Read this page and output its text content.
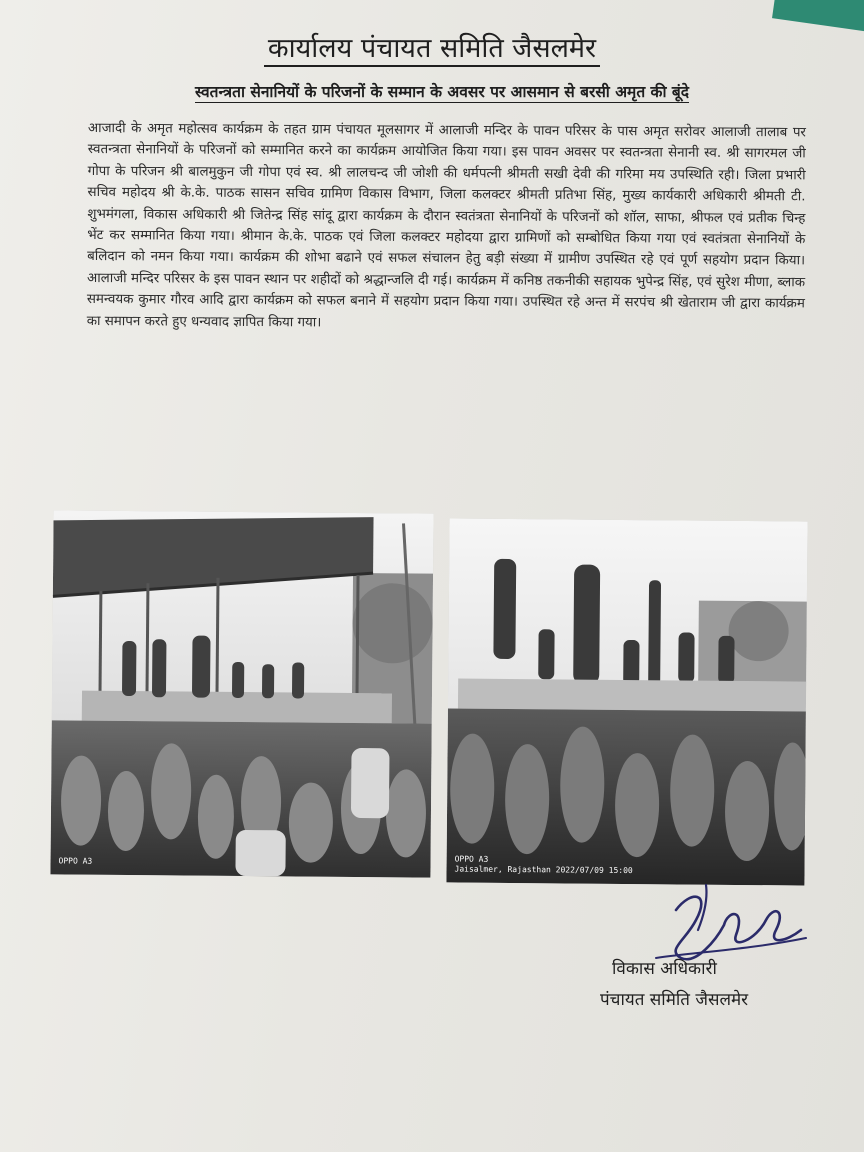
कार्यालय पंचायत समिति जैसलमेर
स्वतन्त्रता सेनानियों के परिजनों के सम्मान के अवसर पर आसमान से बरसी अमृत की बूंदे
आजादी के अमृत महोत्सव कार्यक्रम के तहत ग्राम पंचायत मूलसागर में आलाजी मन्दिर के पावन परिसर के पास अमृत सरोवर आलाजी तालाब पर स्वतन्त्रता सेनानियों के परिजनों को सम्मानित करने का कार्यक्रम आयोजित किया गया। इस पावन अवसर पर स्वतन्त्रता सेनानी स्व. श्री सागरमल जी गोपा के परिजन श्री बालमुकुन जी गोपा एवं स्व. श्री लालचन्द जी जोशी की धर्मपत्नी श्रीमती सखी देवी की गरिमा मय उपस्थिति रही। जिला प्रभारी सचिव महोदय श्री के.के. पाठक सासन सचिव ग्रामिण विकास विभाग, जिला कलक्टर श्रीमती प्रतिभा सिंह, मुख्य कार्यकारी अधिकारी श्रीमती टी. शुभमंगला, विकास अधिकारी श्री जितेन्द्र सिंह सांदू द्वारा कार्यक्रम के दौरान स्वतंत्रता सेनानियों के परिजनों को शॉल, साफा, श्रीफल एवं प्रतीक चिन्ह भेंट कर सम्मानित किया गया। श्रीमान के.के. पाठक एवं जिला कलक्टर महोदया द्वारा ग्रामिणों को सम्बोधित किया गया एवं स्वतंत्रता सेनानियों के बलिदान को नमन किया गया। कार्यक्रम की शोभा बढाने एवं सफल संचालन हेतु बड़ी संख्या में ग्रामीण उपस्थित रहे एवं पूर्ण सहयोग प्रदान किया। आलाजी मन्दिर परिसर के इस पावन स्थान पर शहीदों को श्रद्धान्जलि दी गई। कार्यक्रम में कनिष्ठ तकनीकी सहायक भुपेन्द्र सिंह, एवं सुरेश मीणा, ब्लाक समन्वयक कुमार गौरव आदि द्वारा कार्यक्रम को सफल बनाने में सहयोग प्रदान किया गया। उपस्थित रहे अन्त में सरपंच श्री खेताराम जी द्वारा कार्यक्रम का समापन करते हुए धन्यवाद ज्ञापित किया गया।
OPPO A3	OPPO A3
Jaisalmer, Rajasthan 2022/07/09 15:00
विकास अधिकारी
पंचायत समिति जैसलमेर
